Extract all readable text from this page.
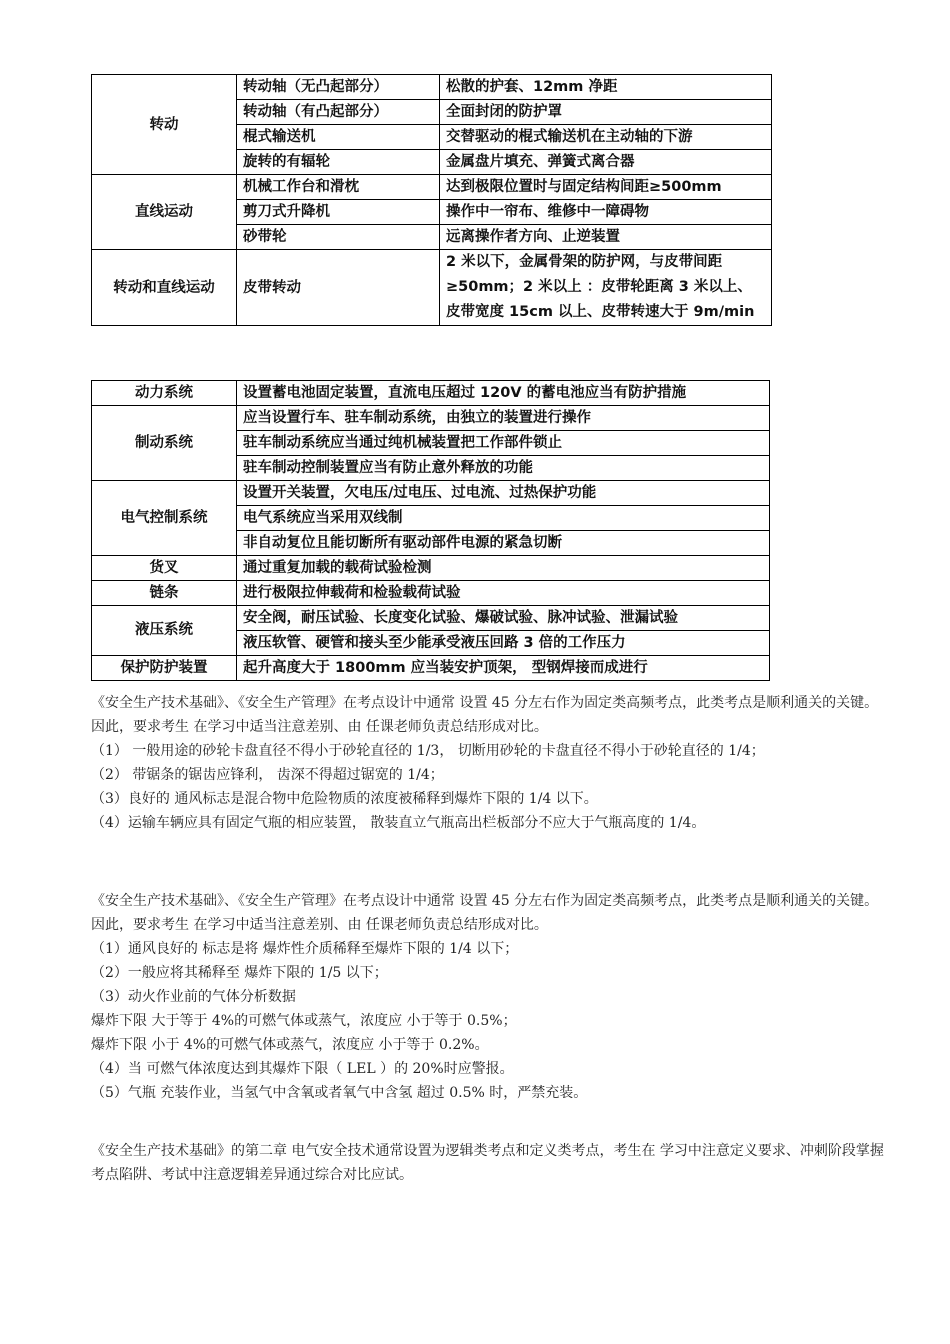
转动	转动轴（无凸起部分）	松散的护套、12mm 净距
	转动轴（有凸起部分）	全面封闭的防护罩
	棍式输送机	交替驱动的棍式输送机在主动轴的下游
	旋转的有辐轮	金属盘片填充、弹簧式离合器
直线运动	机械工作台和滑枕	达到极限位置时与固定结构间距≥500mm
	剪刀式升降机	操作中一帘布、维修中一障碍物
	砂带轮	远离操作者方向、止逆装置
转动和直线运动	皮带转动	2 米以下，金属骨架的防护网，与皮带间距≥50mm；2 米以上 ：皮带轮距离 3 米以上、皮带宽度 15cm 以上、皮带转速大于 9m/min
动力系统	设置蓄电池固定装置，直流电压超过 120V 的蓄电池应当有防护措施
制动系统	应当设置行车、驻车制动系统，由独立的装置进行操作
	驻车制动系统应当通过纯机械装置把工作部件锁止
	驻车制动控制装置应当有防止意外释放的功能
电气控制系统	设置开关装置，欠电压/过电压、过电流、过热保护功能
	电气系统应当采用双线制
	非自动复位且能切断所有驱动部件电源的紧急切断
货叉	通过重复加载的载荷试验检测
链条	进行极限拉伸载荷和检验载荷试验
液压系统	安全阀，耐压试验、长度变化试验、爆破试验、脉冲试验、泄漏试验
	液压软管、硬管和接头至少能承受液压回路 3 倍的工作压力
保护防护装置	起升高度大于 1800mm 应当装安护顶架， 型钢焊接而成进行
《安全生产技术基础》、《安全生产管理》在考点设计中通常 设置 45 分左右作为固定类高频考点，此类考点是顺利通关的关键。因此，要求考生 在学习中适当注意差别、由 任课老师负责总结形成对比。
（1） 一般用途的砂轮卡盘直径不得小于砂轮直径的 1/3， 切断用砂轮的卡盘直径不得小于砂轮直径的 1/4；
（2） 带锯条的锯齿应锋利， 齿深不得超过锯宽的 1/4；
（3）良好的 通风标志是混合物中危险物质的浓度被稀释到爆炸下限的 1/4 以下。
（4）运输车辆应具有固定气瓶的相应装置， 散装直立气瓶高出栏板部分不应大于气瓶高度的 1/4。
《安全生产技术基础》、《安全生产管理》在考点设计中通常 设置 45 分左右作为固定类高频考点，此类考点是顺利通关的关键。因此，要求考生 在学习中适当注意差别、由 任课老师负责总结形成对比。
（1）通风良好的 标志是将 爆炸性介质稀释至爆炸下限的 1/4 以下；
（2）一般应将其稀释至 爆炸下限的 1/5 以下；
（3）动火作业前的气体分析数据
爆炸下限 大于等于 4%的可燃气体或蒸气，浓度应 小于等于 0.5%；
爆炸下限 小于 4%的可燃气体或蒸气，浓度应 小于等于 0.2%。
（4）当 可燃气体浓度达到其爆炸下限（ LEL ）的 20%时应警报。
（5）气瓶 充装作业，当氢气中含氧或者氧气中含氢 超过 0.5% 时，严禁充装。
《安全生产技术基础》的第二章 电气安全技术通常设置为逻辑类考点和定义类考点，考生在 学习中注意定义要求、冲刺阶段掌握考点陷阱、考试中注意逻辑差异通过综合对比应试。
